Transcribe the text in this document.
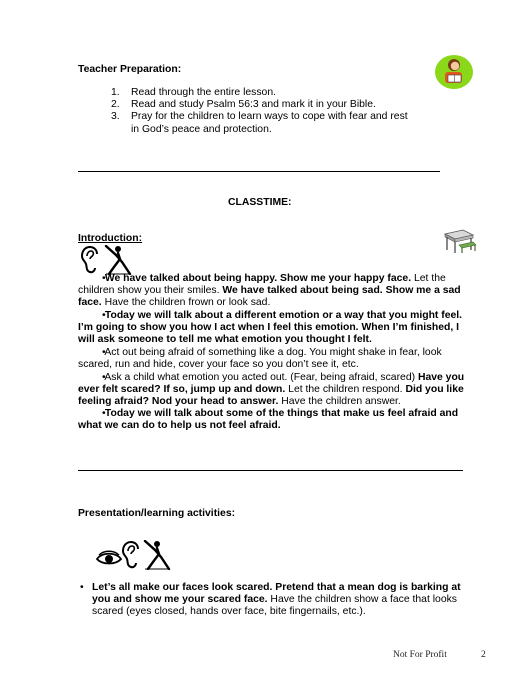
Teacher Preparation:
1. Read through the entire lesson.
2. Read and study Psalm 56:3 and mark it in your Bible.
3. Pray for the children to learn ways to cope with fear and rest in God’s peace and protection.
CLASSTIME:
Introduction:
• We have talked about being happy. Show me your happy face. Let the children show you their smiles. We have talked about being sad. Show me a sad face. Have the children frown or look sad.
• Today we will talk about a different emotion or a way that you might feel. I’m going to show you how I act when I feel this emotion. When I’m finished, I will ask someone to tell me what emotion you thought I felt.
• Act out being afraid of something like a dog. You might shake in fear, look scared, run and hide, cover your face so you don’t see it, etc.
• Ask a child what emotion you acted out. (Fear, being afraid, scared) Have you ever felt scared? If so, jump up and down. Let the children respond. Did you like feeling afraid? Nod your head to answer. Have the children answer.
• Today we will talk about some of the things that make us feel afraid and what we can do to help us not feel afraid.
Presentation/learning activities:
• Let’s all make our faces look scared. Pretend that a mean dog is barking at you and show me your scared face. Have the children show a face that looks scared (eyes closed, hands over face, bite fingernails, etc.).
Not For Profit	2
